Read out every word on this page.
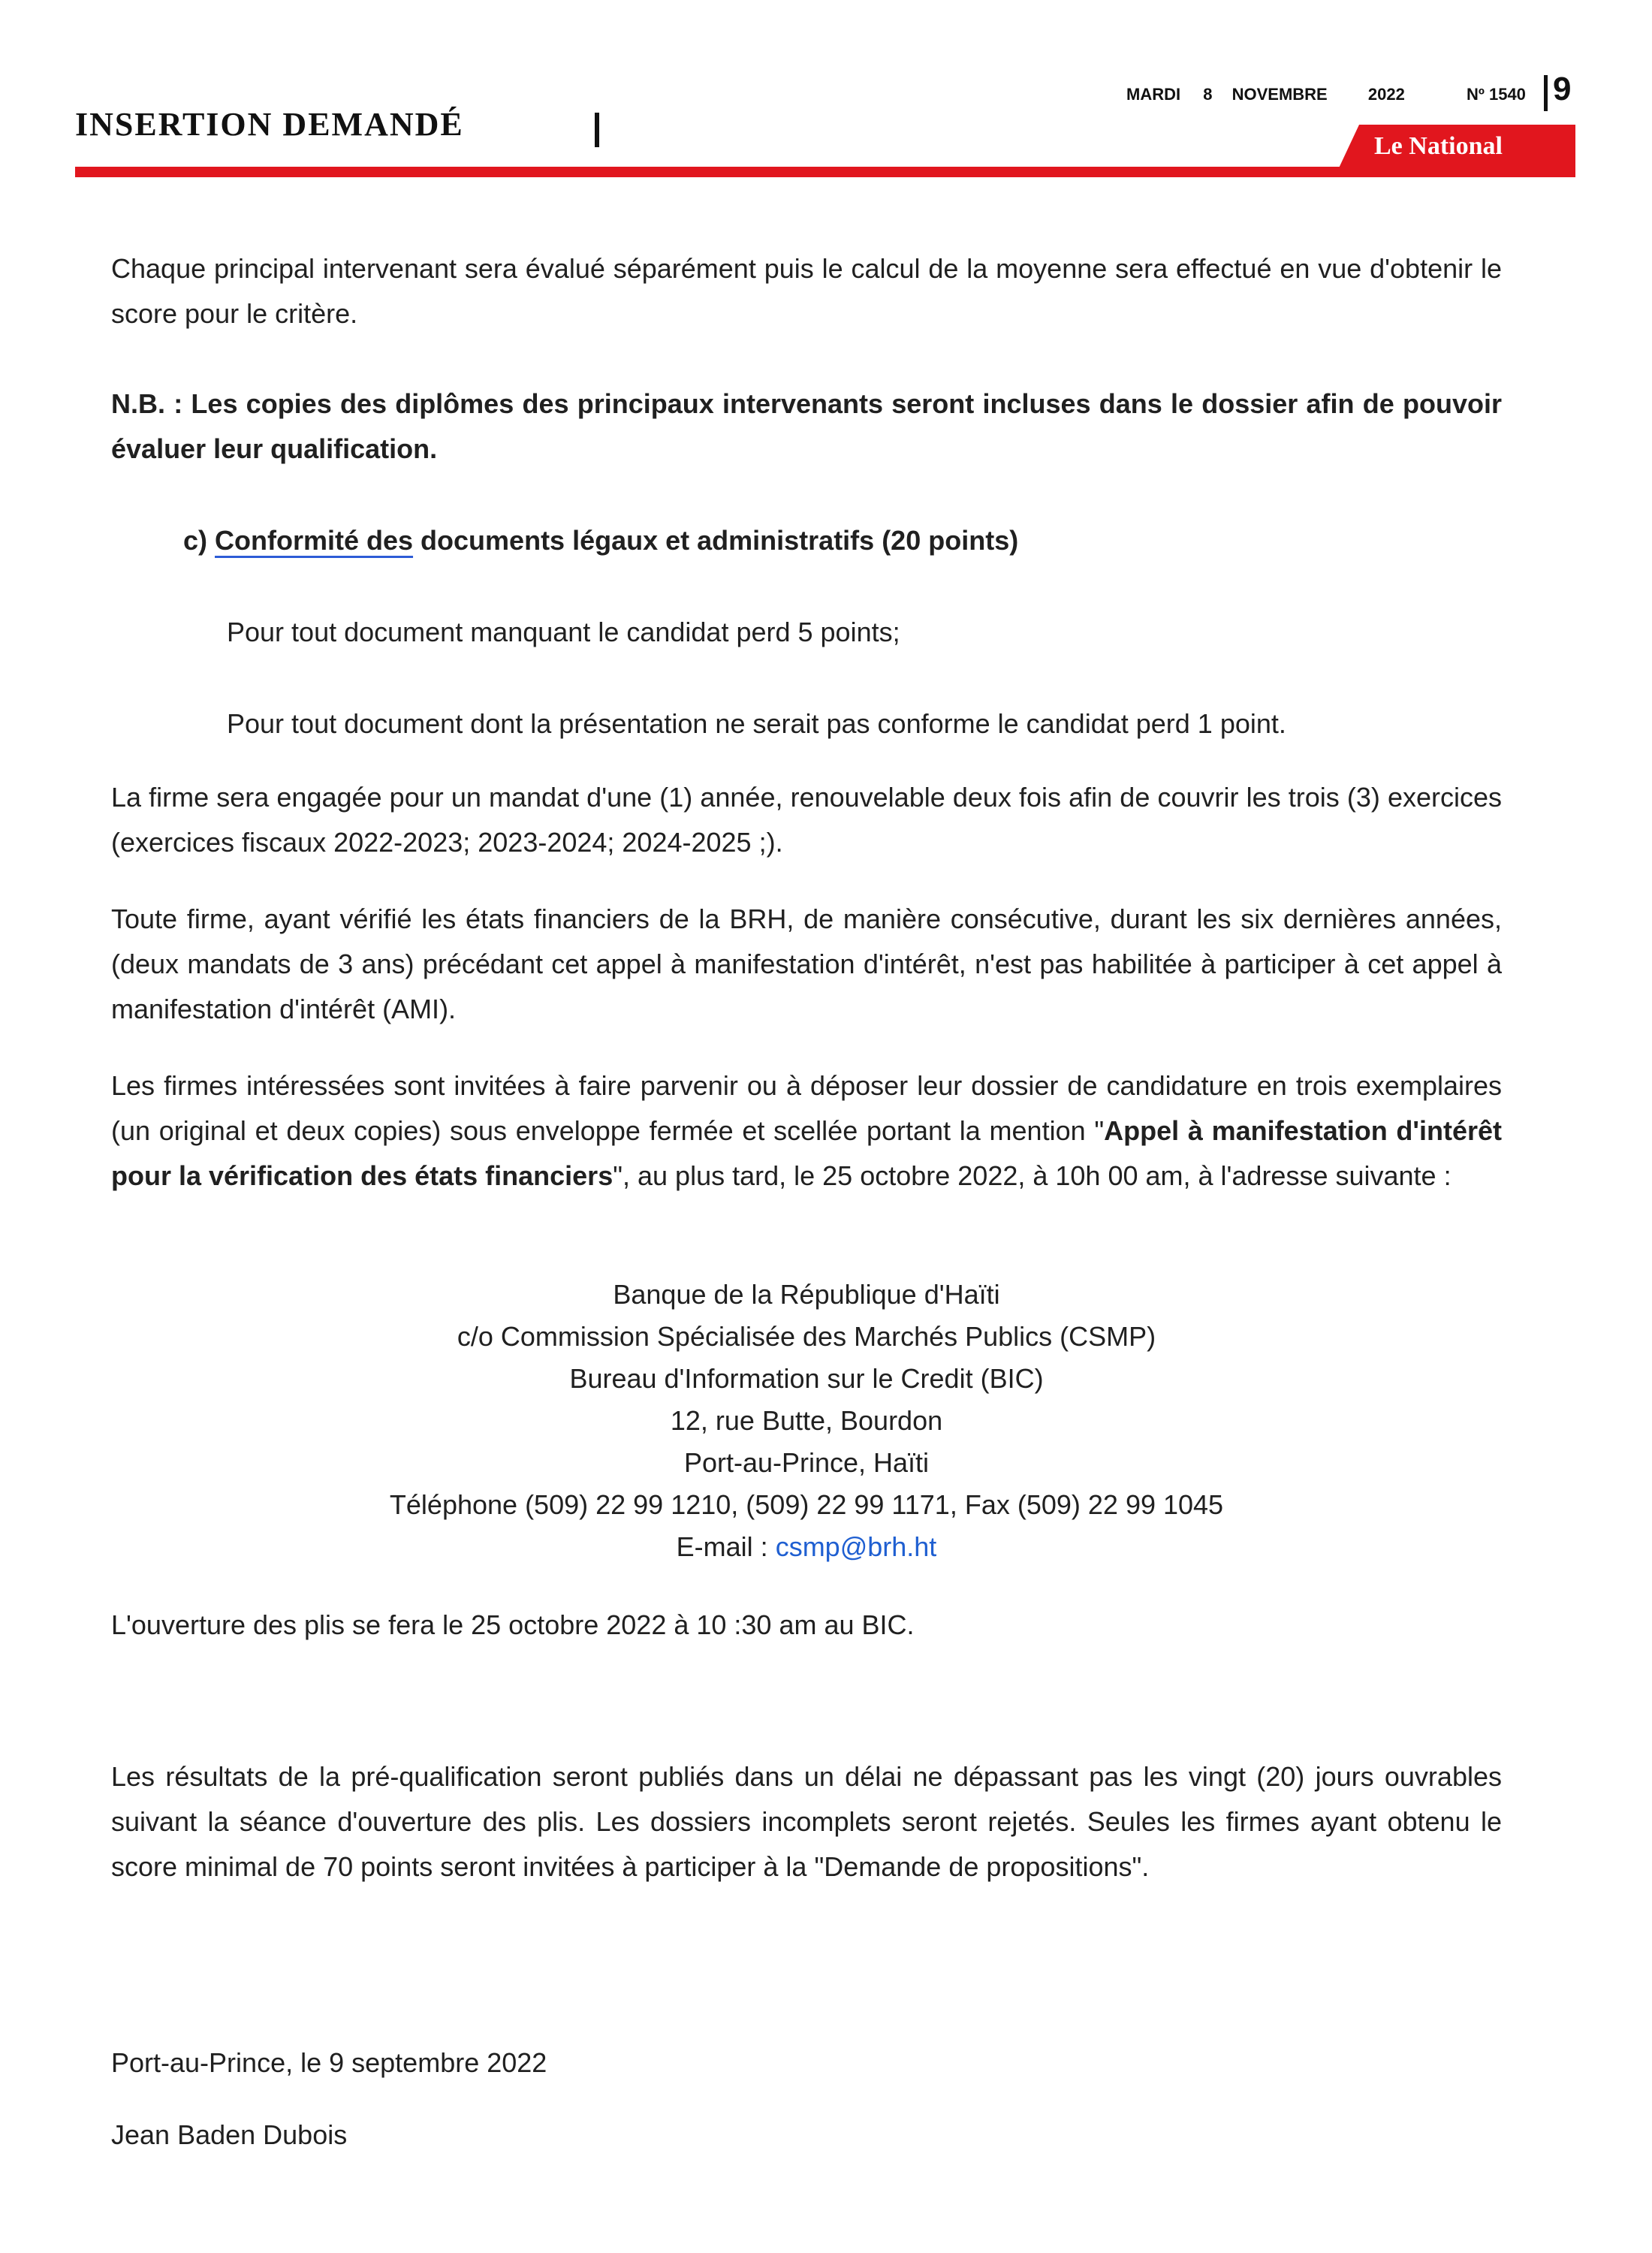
INSERTION DEMANDÉ
MARDI 8 NOVEMBRE 2022	Nº 1540 9
Le National
Chaque principal intervenant sera évalué séparément puis le calcul de la moyenne sera effectué en vue d'obtenir le score pour le critère.
N.B. : Les copies des diplômes des principaux intervenants seront incluses dans le dossier afin de pouvoir évaluer leur qualification.
c) Conformité des documents légaux et administratifs (20 points)
Pour tout document manquant le candidat perd 5 points;
Pour tout document dont la présentation ne serait pas conforme le candidat perd 1 point.
La firme sera engagée pour un mandat d'une (1) année, renouvelable deux fois afin de couvrir les trois (3) exercices (exercices fiscaux 2022-2023; 2023-2024; 2024-2025 ;).
Toute firme, ayant vérifié les états financiers de la BRH, de manière consécutive, durant les six dernières années, (deux mandats de 3 ans) précédant cet appel à manifestation d'intérêt, n'est pas habilitée à participer à cet appel à manifestation d'intérêt (AMI).
Les firmes intéressées sont invitées à faire parvenir ou à déposer leur dossier de candidature en trois exemplaires (un original et deux copies) sous enveloppe fermée et scellée portant la mention "Appel à manifestation d'intérêt pour la vérification des états financiers", au plus tard, le 25 octobre 2022, à 10h 00 am, à l'adresse suivante :
Banque de la République d'Haïti
c/o Commission Spécialisée des Marchés Publics (CSMP)
Bureau d'Information sur le Credit (BIC)
12, rue Butte, Bourdon
Port-au-Prince, Haïti
Téléphone (509) 22 99 1210, (509) 22 99 1171, Fax (509) 22 99 1045
E-mail : csmp@brh.ht
L'ouverture des plis se fera le 25 octobre 2022 à 10 :30 am au BIC.
Les résultats de la pré-qualification seront publiés dans un délai ne dépassant pas les vingt (20) jours ouvrables suivant la séance d'ouverture des plis. Les dossiers incomplets seront rejetés. Seules les firmes ayant obtenu le score minimal de 70 points seront invitées à participer à la "Demande de propositions".
Port-au-Prince, le 9 septembre 2022
Jean Baden Dubois
